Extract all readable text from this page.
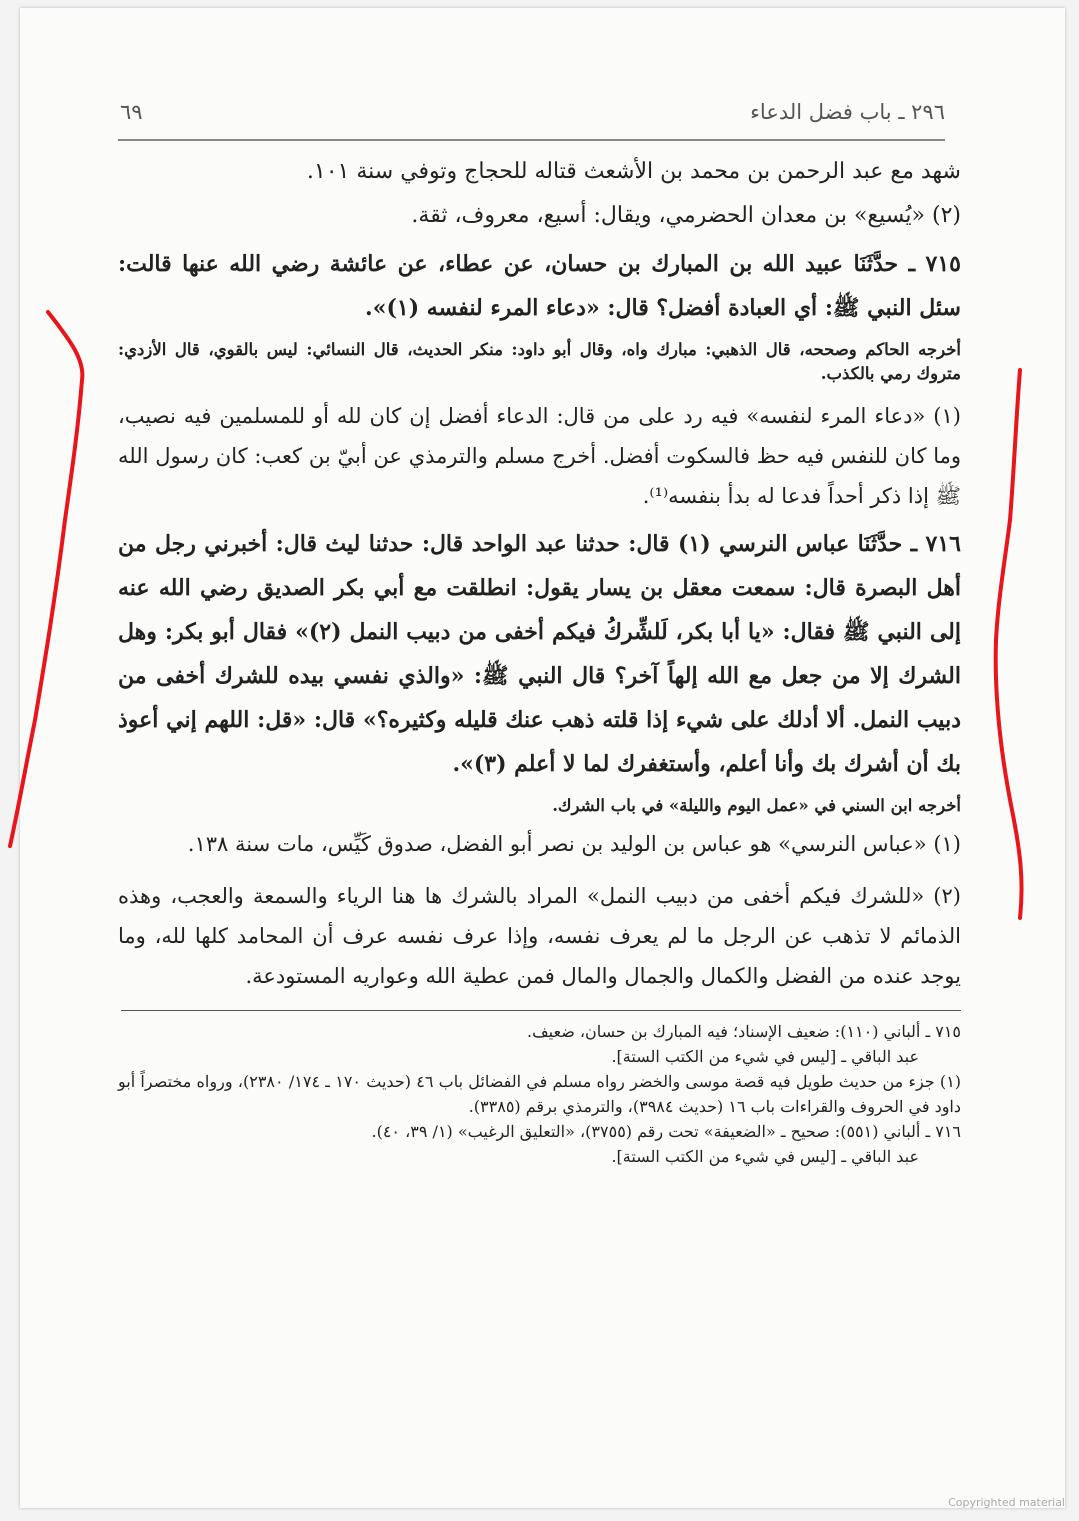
٢٩٦ ـ باب فضل الدعاء
٦٩

شهد مع عبد الرحمن بن محمد بن الأشعث قتاله للحجاج وتوفي سنة ١٠١.

(٢) «يُسيع» بن معدان الحضرمي، ويقال: أسيع، معروف، ثقة.

٧١٥ ـ حدَّثَنَا عبيد الله بن المبارك بن حسان، عن عطاء، عن عائشة رضي الله عنها قالت: سئل النبي ﷺ: أي العبادة أفضل؟ قال: «دعاء المرء لنفسه (١)».

أخرجه الحاكم وصححه، قال الذهبي: مبارك واه، وقال أبو داود: منكر الحديث، قال النسائي: ليس بالقوي، قال الأزدي: متروك رمي بالكذب.

(١) «دعاء المرء لنفسه» فيه رد على من قال: الدعاء أفضل إن كان لله أو للمسلمين فيه نصيب، وما كان للنفس فيه حظ فالسكوت أفضل. أخرج مسلم والترمذي عن أبيّ بن كعب: كان رسول الله ﷺ إذا ذكر أحداً فدعا له بدأ بنفسه⁽¹⁾.

٧١٦ ـ حدَّثَنَا عباس النرسي (١) قال: حدثنا عبد الواحد قال: حدثنا ليث قال: أخبرني رجل من أهل البصرة قال: سمعت معقل بن يسار يقول: انطلقت مع أبي بكر الصديق رضي الله عنه إلى النبي ﷺ فقال: «يا أبا بكر، لَلشِّركُ فيكم أخفى من دبيب النمل (٢)» فقال أبو بكر: وهل الشرك إلا من جعل مع الله إلهاً آخر؟ قال النبي ﷺ: «والذي نفسي بيده للشرك أخفى من دبيب النمل. ألا أدلك على شيء إذا قلته ذهب عنك قليله وكثيره؟» قال: «قل: اللهم إني أعوذ بك أن أشرك بك وأنا أعلم، وأستغفرك لما لا أعلم (٣)».

أخرجه ابن السني في «عمل اليوم والليلة» في باب الشرك.

(١) «عباس النرسي» هو عباس بن الوليد بن نصر أبو الفضل، صدوق كَيِّس، مات سنة ١٣٨.

(٢) «للشرك فيكم أخفى من دبيب النمل» المراد بالشرك ها هنا الرياء والسمعة والعجب، وهذه الذمائم لا تذهب عن الرجل ما لم يعرف نفسه، وإذا عرف نفسه عرف أن المحامد كلها لله، وما يوجد عنده من الفضل والكمال والجمال والمال فمن عطية الله وعواريه المستودعة.

٧١٥ ـ ألباني (١١٠): ضعيف الإسناد؛ فيه المبارك بن حسان، ضعيف.

عبد الباقي ـ [ليس في شيء من الكتب الستة].

(١) جزء من حديث طويل فيه قصة موسى والخضر رواه مسلم في الفضائل باب ٤٦ (حديث ١٧٠ ـ ١٧٤/ ٢٣٨٠)، ورواه مختصراً أبو داود في الحروف والقراءات باب ١٦ (حديث ٣٩٨٤)، والترمذي برقم (٣٣٨٥).

٧١٦ ـ ألباني (٥٥١): صحيح ـ «الضعيفة» تحت رقم (٣٧٥٥)، «التعليق الرغيب» (١/ ٣٩، ٤٠).

عبد الباقي ـ [ليس في شيء من الكتب الستة].

Copyrighted material
